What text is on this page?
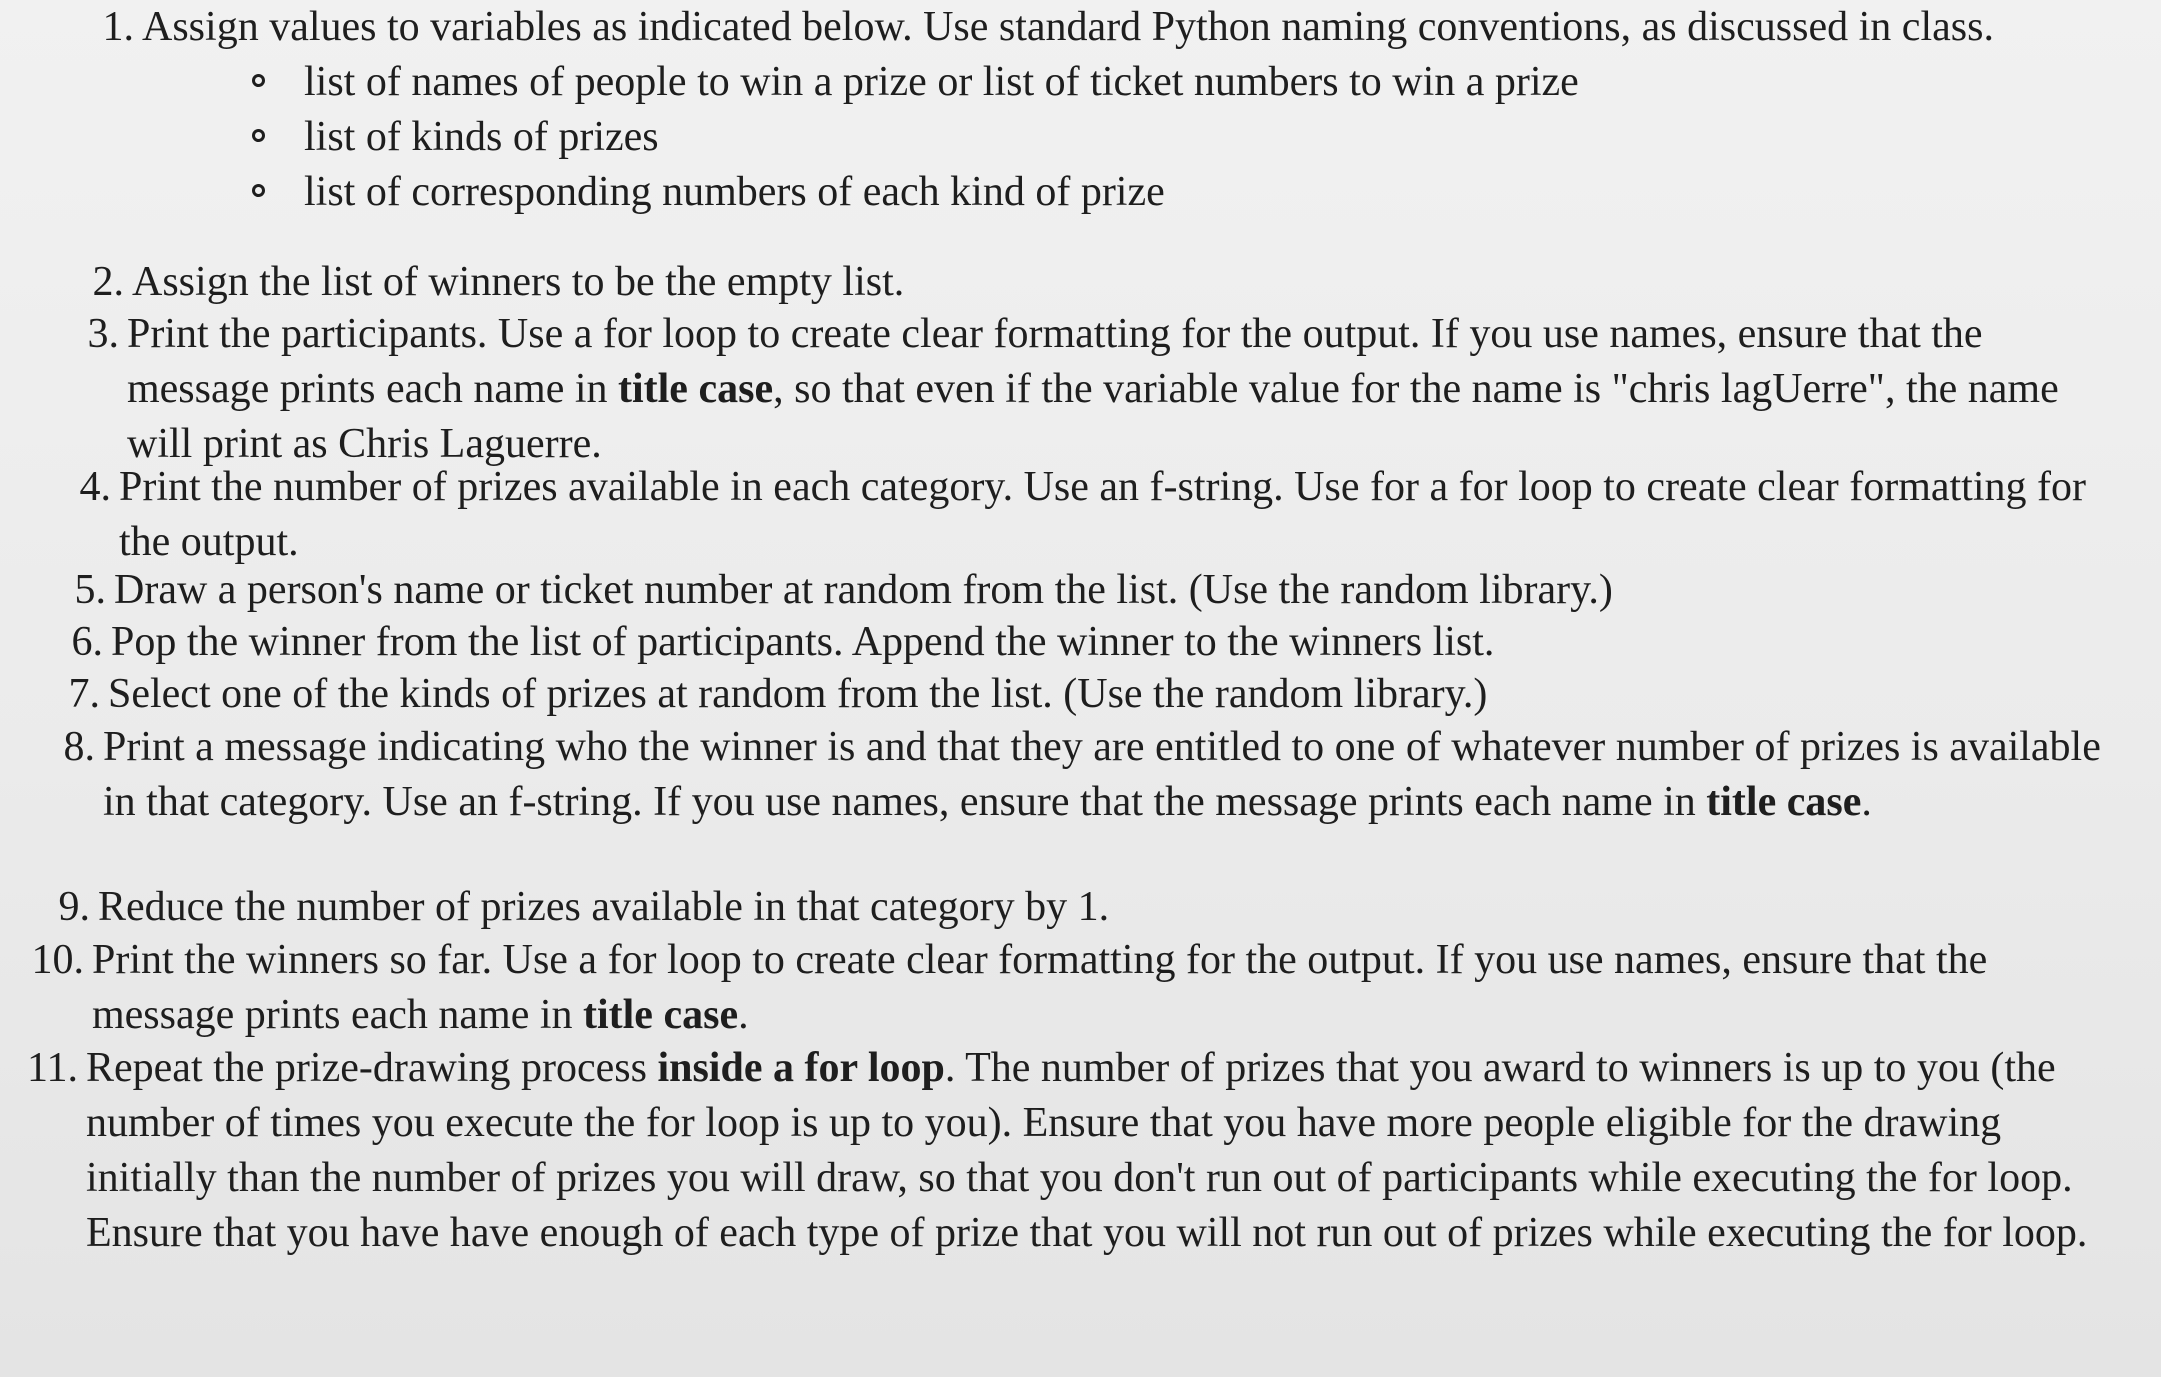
1. Assign values to variables as indicated below. Use standard Python naming conventions, as discussed in class.
list of names of people to win a prize or list of ticket numbers to win a prize
list of kinds of prizes
list of corresponding numbers of each kind of prize
2. Assign the list of winners to be the empty list.
3. Print the participants. Use a for loop to create clear formatting for the output. If you use names, ensure that the message prints each name in title case, so that even if the variable value for the name is "chris lagUerre", the name will print as Chris Laguerre.
4. Print the number of prizes available in each category. Use an f-string. Use for a for loop to create clear formatting for the output.
5. Draw a person's name or ticket number at random from the list. (Use the random library.)
6. Pop the winner from the list of participants. Append the winner to the winners list.
7. Select one of the kinds of prizes at random from the list. (Use the random library.)
8. Print a message indicating who the winner is and that they are entitled to one of whatever number of prizes is available in that category. Use an f-string. If you use names, ensure that the message prints each name in title case.
9. Reduce the number of prizes available in that category by 1.
10. Print the winners so far. Use a for loop to create clear formatting for the output. If you use names, ensure that the message prints each name in title case.
11. Repeat the prize-drawing process inside a for loop. The number of prizes that you award to winners is up to you (the number of times you execute the for loop is up to you). Ensure that you have more people eligible for the drawing initially than the number of prizes you will draw, so that you don't run out of participants while executing the for loop. Ensure that you have have enough of each type of prize that you will not run out of prizes while executing the for loop.
